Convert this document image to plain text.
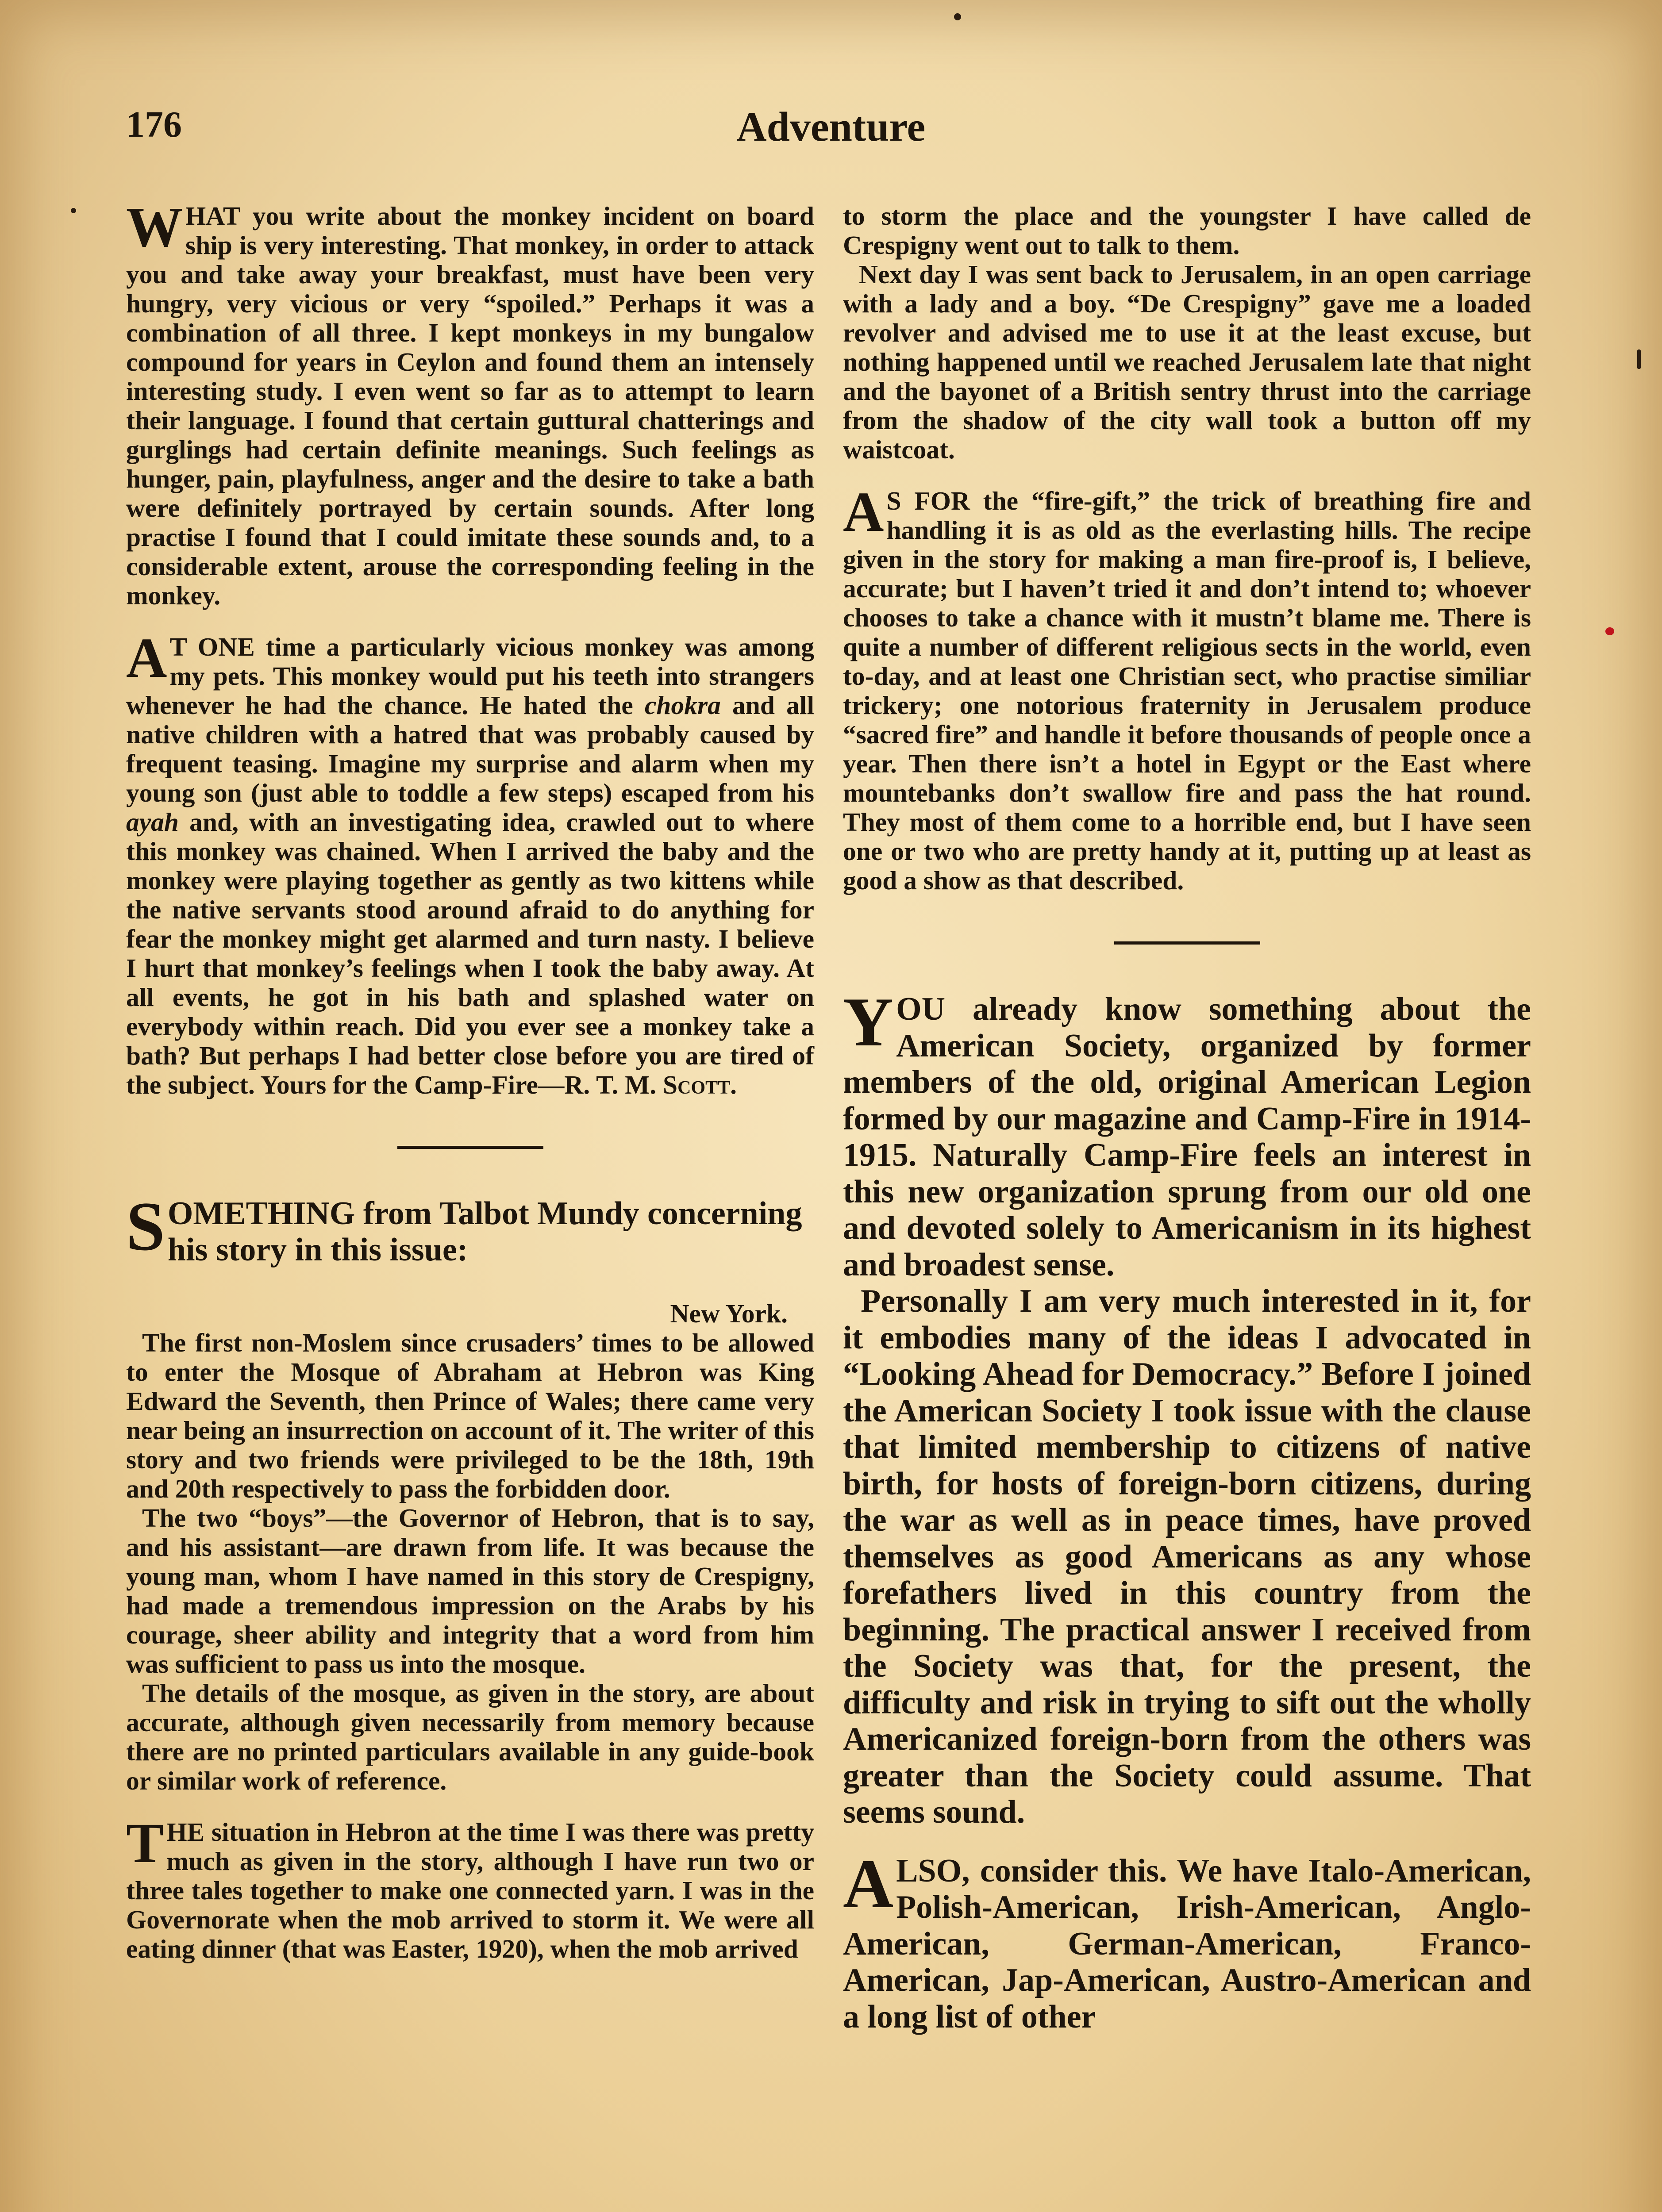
176	Adventure

WHAT you write about the monkey incident on board ship is very interesting. That monkey, in order to attack you and take away your breakfast, must have been very hungry, very vicious or very “spoiled.” Perhaps it was a combination of all three. I kept monkeys in my bungalow compound for years in Ceylon and found them an intensely interesting study. I even went so far as to attempt to learn their language. I found that certain guttural chatterings and gurglings had certain definite meanings. Such feelings as hunger, pain, playfulness, anger and the desire to take a bath were definitely portrayed by certain sounds. After long practise I found that I could imitate these sounds and, to a considerable extent, arouse the corresponding feeling in the monkey.

A T ONE time a particularly vicious monkey was among my pets. This monkey would put his teeth into strangers whenever he had the chance. He hated the chokra and all native children with a hatred that was probably caused by frequent teasing. Imagine my surprise and alarm when my young son (just able to toddle a few steps) escaped from his ayah and, with an investigating idea, crawled out to where this monkey was chained. When I arrived the baby and the monkey were playing together as gently as two kittens while the native servants stood around afraid to do anything for fear the monkey might get alarmed and turn nasty. I believe I hurt that monkey’s feelings when I took the baby away. At all events, he got in his bath and splashed water on everybody within reach. Did you ever see a monkey take a bath? But perhaps I had better close before you are tired of the subject. Yours for the Camp-Fire—R. T. M. Scott.

SOMETHING from Talbot Mundy concerning his story in this issue:

New York.

The first non-Moslem since crusaders’ times to be allowed to enter the Mosque of Abraham at Hebron was King Edward the Seventh, then Prince of Wales; there came very near being an insurrection on account of it. The writer of this story and two friends were privileged to be the 18th, 19th and 20th respectively to pass the forbidden door.

The two “boys”—the Governor of Hebron, that is to say, and his assistant—are drawn from life. It was because the young man, whom I have named in this story de Crespigny, had made a tremendous impression on the Arabs by his courage, sheer ability and integrity that a word from him was sufficient to pass us into the mosque.

The details of the mosque, as given in the story, are about accurate, although given necessarily from memory because there are no printed particulars available in any guide-book or similar work of reference.

THE situation in Hebron at the time I was there was pretty much as given in the story, although I have run two or three tales together to make one connected yarn. I was in the Governorate when the mob arrived to storm it. We were all eating dinner (that was Easter, 1920), when the mob arrived

to storm the place and the youngster I have called de Crespigny went out to talk to them.

Next day I was sent back to Jerusalem, in an open carriage with a lady and a boy. “De Crespigny” gave me a loaded revolver and advised me to use it at the least excuse, but nothing happened until we reached Jerusalem late that night and the bayonet of a British sentry thrust into the carriage from the shadow of the city wall took a button off my waistcoat.

A S FOR the “fire-gift,” the trick of breathing fire and handling it is as old as the everlasting hills. The recipe given in the story for making a man fire-proof is, I believe, accurate; but I haven’t tried it and don’t intend to; whoever chooses to take a chance with it mustn’t blame me. There is quite a number of different religious sects in the world, even to-day, and at least one Christian sect, who practise similiar trickery; one notorious fraternity in Jerusalem produce “sacred fire” and handle it before thousands of people once a year. Then there isn’t a hotel in Egypt or the East where mountebanks don’t swallow fire and pass the hat round. They most of them come to a horrible end, but I have seen one or two who are pretty handy at it, putting up at least as good a show as that described.

YOU already know something about the American Society, organized by former members of the old, original American Legion formed by our magazine and Camp-Fire in 1914-1915. Naturally Camp-Fire feels an interest in this new organization sprung from our old one and devoted solely to Americanism in its highest and broadest sense.

Personally I am very much interested in it, for it embodies many of the ideas I advocated in “Looking Ahead for Democracy.” Before I joined the American Society I took issue with the clause that limited membership to citizens of native birth, for hosts of foreign-born citizens, during the war as well as in peace times, have proved themselves as good Americans as any whose forefathers lived in this country from the beginning. The practical answer I received from the Society was that, for the present, the difficulty and risk in trying to sift out the wholly Americanized foreign-born from the others was greater than the Society could assume. That seems sound.

ALSO, consider this. We have Italo-American, Polish-American, Irish-American, Anglo-American, German-American, Franco-American, Jap-American, Austro-American and a long list of other
